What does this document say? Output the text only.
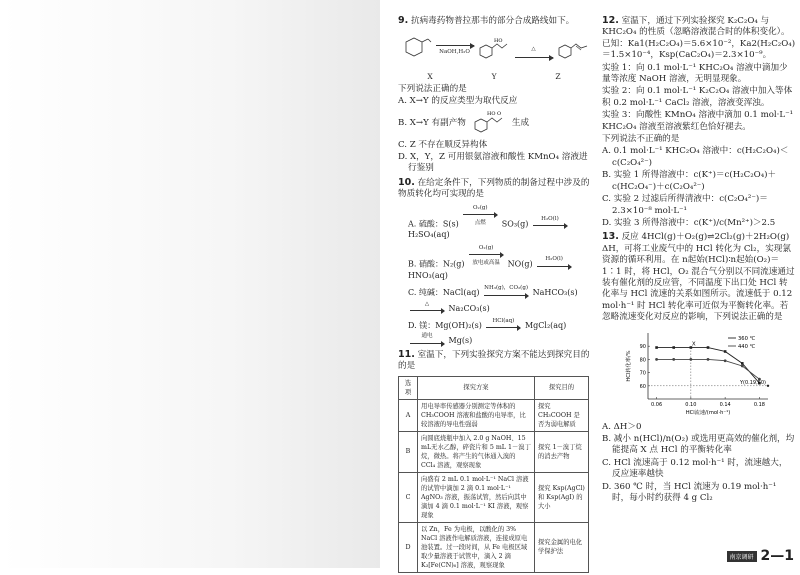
9. 抗病毒药物普拉那韦的部分合成路线如下。
NaOH,H₂O
HO
△
X	Y	Z
下列说法正确的是
A. X→Y 的反应类型为取代反应
B. X→Y 有副产物
HO O
生成
C. Z 不存在顺反异构体
D. X，Y，Z 可用银氨溶液和酸性 KMnO₄ 溶液进行鉴别
10. 在给定条件下，下列物质的制备过程中涉及的物质转化均可实现的是
A. 硫酸：S(s)
O₂(g)
点燃	SO₃(g)	H₂O(l)
H₂SO₄(aq)
B. 硝酸：N₂(g)
O₂(g)
放电或高温 NO(g)	H₂O(l)
HNO₃(aq)
C. 纯碱：NaCl(aq) NH₃(g)，CO₂(g) NaHCO₃(s)
△	Na₂CO₃(s)
D. 镁：Mg(OH)₂(s)	HCl(aq)	MgCl₂(aq)
通电	Mg(s)
11. 室温下，下列实验探究方案不能达到探究目的的是
选项	探究方案	探究目的
A	用电导率传感器分别测定等体积的 CH₃COOH 溶液和盐酸的电导率，比较溶液的导电性强弱	探究 CH₃COOH 是否为弱电解质
B	向圆底烧瓶中加入 2.0 g NaOH、15 mL无水乙醇，碎瓷片和 5 mL 1－溴丁烷，微热。将产生的气体通入溴的 CCl₄ 溶液，观察现象	探究 1－溴丁烷的消去产物
C	向盛有 2 mL 0.1 mol·L⁻¹ NaCl 溶液的试管中滴加 2 滴 0.1 mol·L⁻¹ AgNO₃ 溶液，振荡试管，然后向其中滴加 4 滴 0.1 mol·L⁻¹ KI 溶液，观察现象	探究 Ksp(AgCl) 和 Ksp(AgI) 的大小
D	以 Zn，Fe 为电极，以酸化的 3% NaCl 溶液作电解质溶液，连接成原电池装置。过一段时间，从 Fe 电极区域取少量溶液于试管中，滴入 2 滴 K₃[Fe(CN)₆] 溶液，观察现象	探究金属的电化学保护法
12. 室温下，通过下列实验探究 K₂C₂O₄ 与 KHC₂O₄ 的性质（忽略溶液混合时的体积变化）。已知：Ka1(H₂C₂O₄)＝5.6×10⁻²，Ka2(H₂C₂O₄)＝1.5×10⁻⁴，Ksp(CaC₂O₄)＝2.3×10⁻⁹。
实验 1：向 0.1 mol·L⁻¹ KHC₂O₄ 溶液中滴加少量等浓度 NaOH 溶液，无明显现象。
实验 2：向 0.1 mol·L⁻¹ K₂C₂O₄ 溶液中加入等体积 0.2 mol·L⁻¹ CaCl₂ 溶液，溶液变浑浊。
实验 3：向酸性 KMnO₄ 溶液中滴加 0.1 mol·L⁻¹ KHC₂O₄ 溶液至溶液紫红色恰好褪去。
下列说法不正确的是
A. 0.1 mol·L⁻¹ KHC₂O₄ 溶液中：c(H₂C₂O₄)＜c(C₂O₄²⁻)
B. 实验 1 所得溶液中：c(K⁺)＝c(H₂C₂O₄)＋c(HC₂O₄⁻)＋c(C₂O₄²⁻)
C. 实验 2 过滤后所得清液中：c(C₂O₄²⁻)＝2.3×10⁻⁸ mol·L⁻¹
D. 实验 3 所得溶液中：c(K⁺)/c(Mn²⁺)＞2.5
13. 反应 4HCl(g)＋O₂(g)⇌2Cl₂(g)＋2H₂O(g) ΔH，可将工业废气中的 HCl 转化为 Cl₂，实现氯资源的循环利用。在 n起始(HCl)∶n起始(O₂)＝1∶1 时，将 HCl，O₂ 混合气分别以不同流速通过装有催化剂的反应管，不同温度下出口处 HCl 转化率与 HCl 流速的关系如图所示。流速低于 0.12 mol·h⁻¹ 时 HCl 转化率可近似为平衡转化率。若忽略流速变化对反应的影响，下列说法正确的是
0.06	0.10	0.14	0.18
60
70
80
90
HCl流速/(mol·h⁻¹)
HCl转化率/%
360 ℃
440 ℃
X
Y(0.19,60)
A. ΔH＞0
B. 减小 n(HCl)/n(O₂) 或选用更高效的催化剂，均能提高 X 点 HCl 的平衡转化率
C. HCl 流速高于 0.12 mol·h⁻¹ 时，流速越大，反应速率越快
D. 360 ℃ 时，当 HCl 流速为 0.19 mol·h⁻¹ 时，每小时约获得 4 g Cl₂
南京调研 2—1
